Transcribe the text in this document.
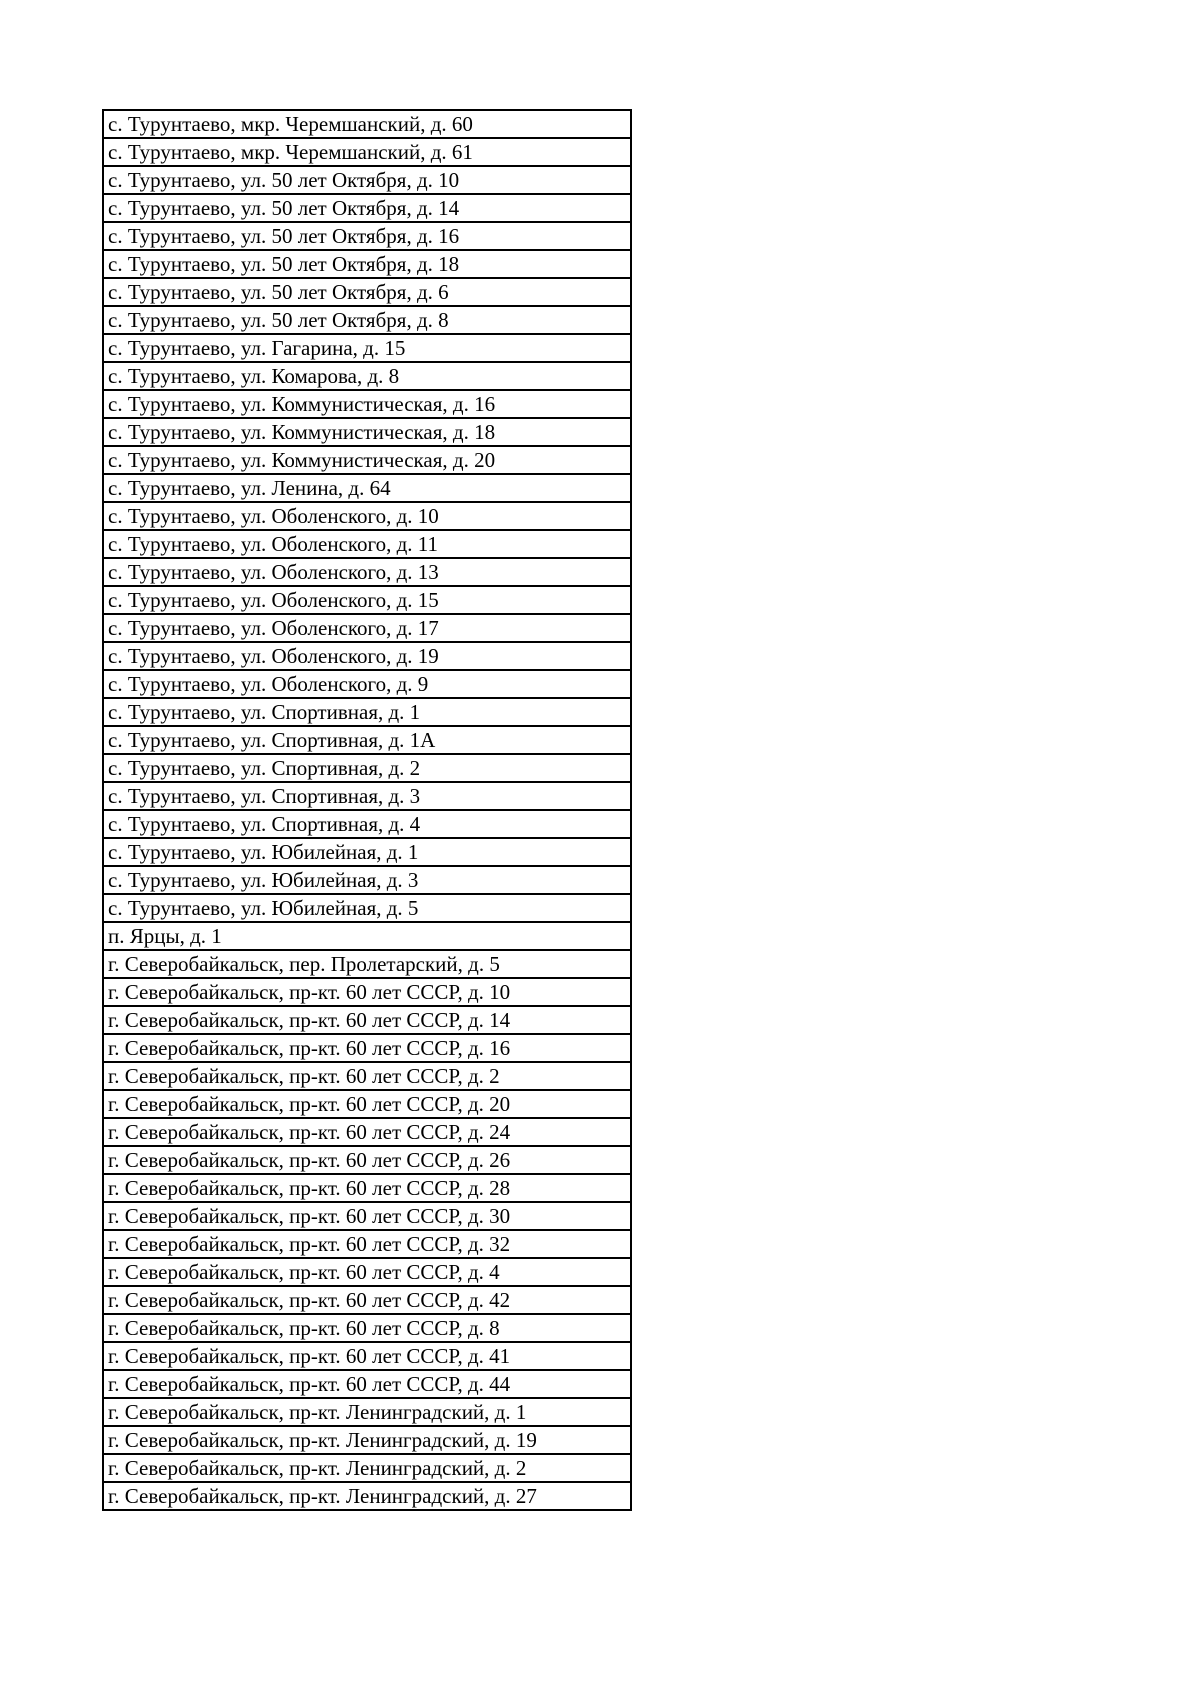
с. Турунтаево, мкр. Черемшанский, д. 60
с. Турунтаево, мкр. Черемшанский, д. 61
с. Турунтаево, ул. 50 лет Октября, д. 10
с. Турунтаево, ул. 50 лет Октября, д. 14
с. Турунтаево, ул. 50 лет Октября, д. 16
с. Турунтаево, ул. 50 лет Октября, д. 18
с. Турунтаево, ул. 50 лет Октября, д. 6
с. Турунтаево, ул. 50 лет Октября, д. 8
с. Турунтаево, ул. Гагарина, д. 15
с. Турунтаево, ул. Комарова, д. 8
с. Турунтаево, ул. Коммунистическая, д. 16
с. Турунтаево, ул. Коммунистическая, д. 18
с. Турунтаево, ул. Коммунистическая, д. 20
с. Турунтаево, ул. Ленина, д. 64
с. Турунтаево, ул. Оболенского, д. 10
с. Турунтаево, ул. Оболенского, д. 11
с. Турунтаево, ул. Оболенского, д. 13
с. Турунтаево, ул. Оболенского, д. 15
с. Турунтаево, ул. Оболенского, д. 17
с. Турунтаево, ул. Оболенского, д. 19
с. Турунтаево, ул. Оболенского, д. 9
с. Турунтаево, ул. Спортивная, д. 1
с. Турунтаево, ул. Спортивная, д. 1А
с. Турунтаево, ул. Спортивная, д. 2
с. Турунтаево, ул. Спортивная, д. 3
с. Турунтаево, ул. Спортивная, д. 4
с. Турунтаево, ул. Юбилейная, д. 1
с. Турунтаево, ул. Юбилейная, д. 3
с. Турунтаево, ул. Юбилейная, д. 5
п. Ярцы, д. 1
г. Северобайкальск, пер. Пролетарский, д. 5
г. Северобайкальск, пр-кт. 60 лет СССР, д. 10
г. Северобайкальск, пр-кт. 60 лет СССР, д. 14
г. Северобайкальск, пр-кт. 60 лет СССР, д. 16
г. Северобайкальск, пр-кт. 60 лет СССР, д. 2
г. Северобайкальск, пр-кт. 60 лет СССР, д. 20
г. Северобайкальск, пр-кт. 60 лет СССР, д. 24
г. Северобайкальск, пр-кт. 60 лет СССР, д. 26
г. Северобайкальск, пр-кт. 60 лет СССР, д. 28
г. Северобайкальск, пр-кт. 60 лет СССР, д. 30
г. Северобайкальск, пр-кт. 60 лет СССР, д. 32
г. Северобайкальск, пр-кт. 60 лет СССР, д. 4
г. Северобайкальск, пр-кт. 60 лет СССР, д. 42
г. Северобайкальск, пр-кт. 60 лет СССР, д. 8
г. Северобайкальск, пр-кт. 60 лет СССР, д. 41
г. Северобайкальск, пр-кт. 60 лет СССР, д. 44
г. Северобайкальск, пр-кт. Ленинградский, д. 1
г. Северобайкальск, пр-кт. Ленинградский, д. 19
г. Северобайкальск, пр-кт. Ленинградский, д. 2
г. Северобайкальск, пр-кт. Ленинградский, д. 27
